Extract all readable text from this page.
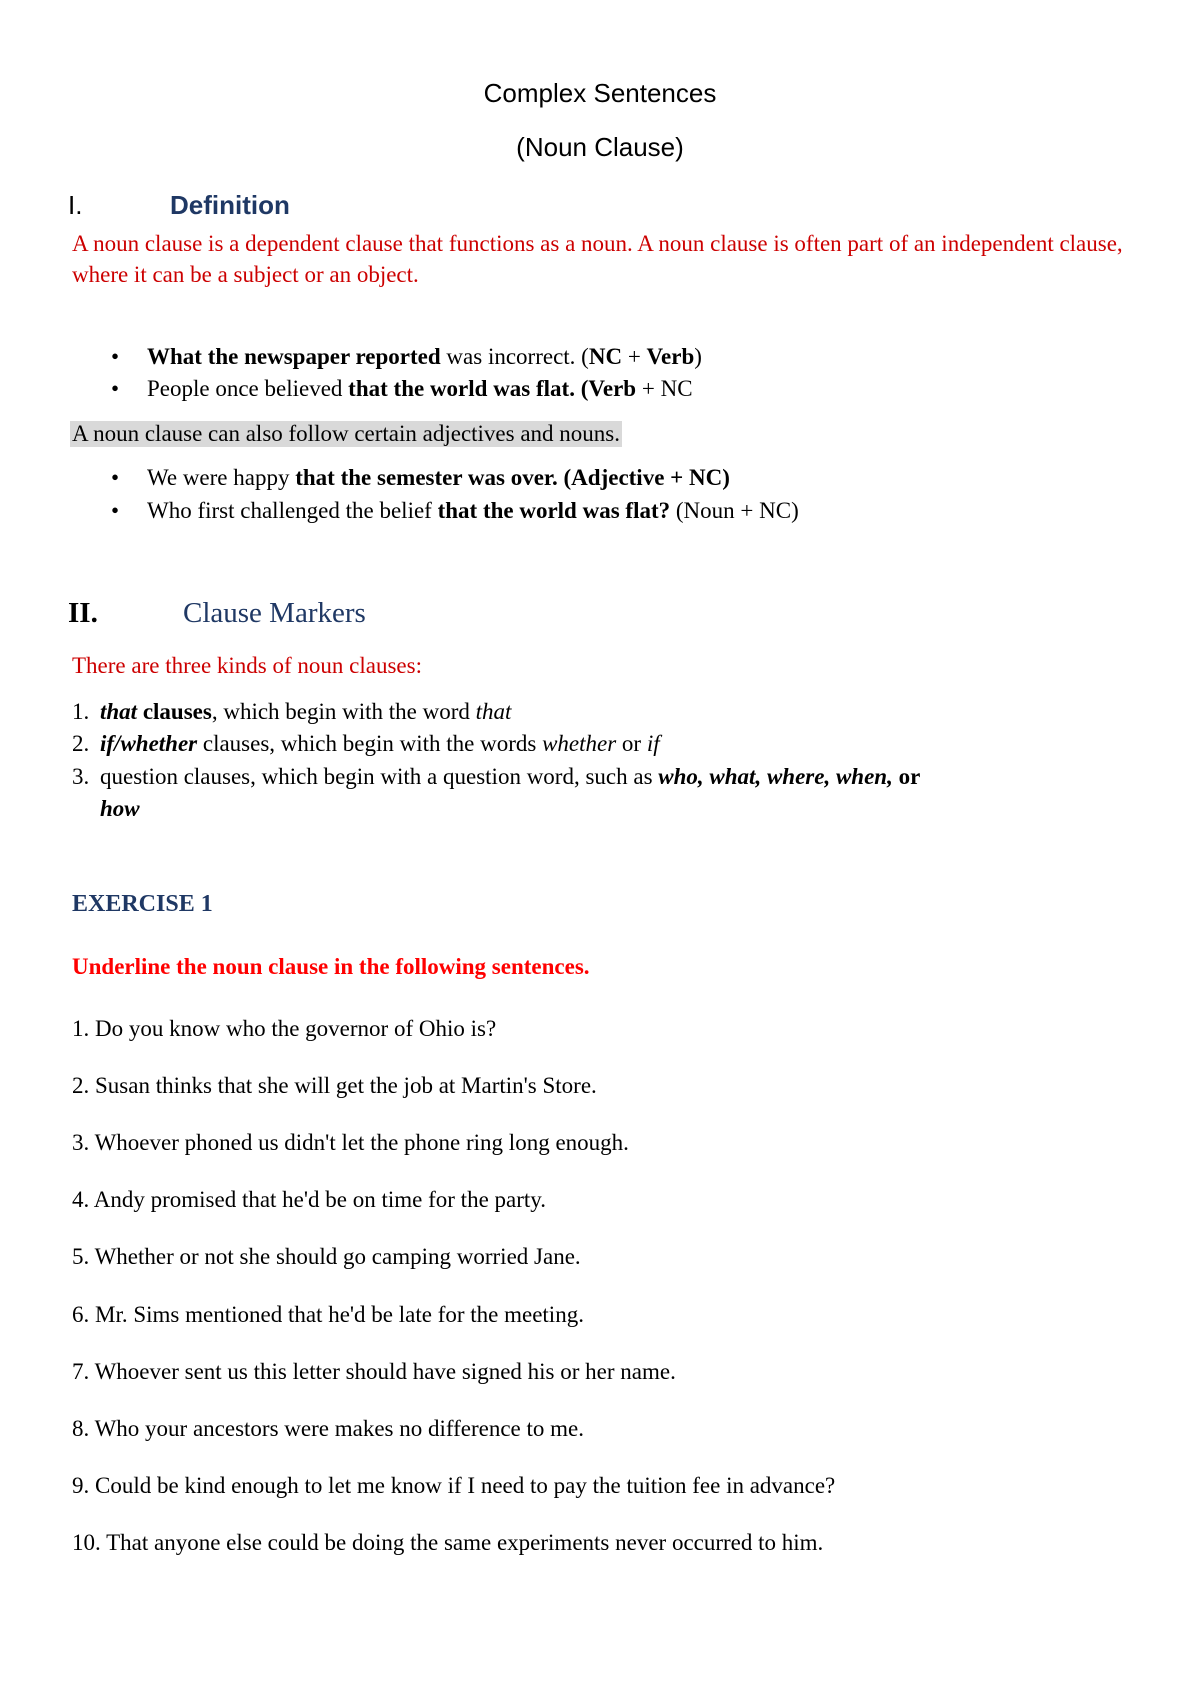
Complex Sentences
(Noun Clause)
I.	Definition
A noun clause is a dependent clause that functions as a noun. A noun clause is often part of an independent clause, where it can be a subject or an object.
• What the newspaper reported was incorrect. (NC + Verb)
• People once believed that the world was flat. (Verb + NC
A noun clause can also follow certain adjectives and nouns.
• We were happy that the semester was over. (Adjective + NC)
• Who first challenged the belief that the world was flat? (Noun + NC)
II.	Clause Markers
There are three kinds of noun clauses:
1. that clauses, which begin with the word that
2. if/whether clauses, which begin with the words whether or if
3. question clauses, which begin with a question word, such as who, what, where, when, or
how
EXERCISE 1
Underline the noun clause in the following sentences.
1. Do you know who the governor of Ohio is?
2. Susan thinks that she will get the job at Martin's Store.
3. Whoever phoned us didn't let the phone ring long enough.
4. Andy promised that he'd be on time for the party.
5. Whether or not she should go camping worried Jane.
6. Mr. Sims mentioned that he'd be late for the meeting.
7. Whoever sent us this letter should have signed his or her name.
8. Who your ancestors were makes no difference to me.
9. Could be kind enough to let me know if I need to pay the tuition fee in advance?
10. That anyone else could be doing the same experiments never occurred to him.
